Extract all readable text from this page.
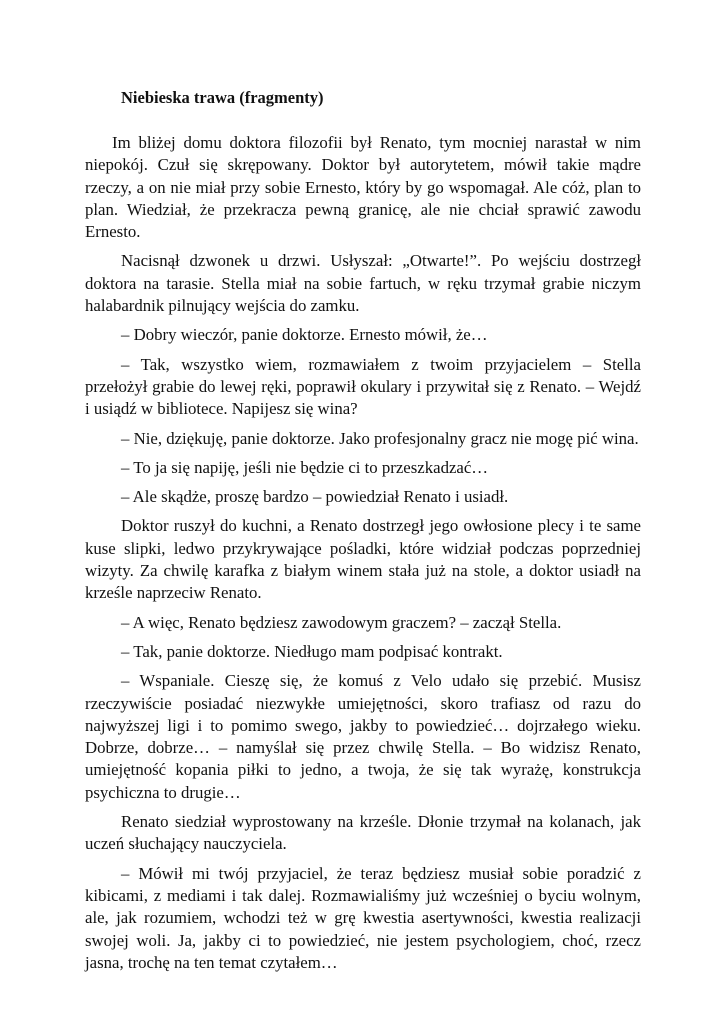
Niebieska trawa (fragmenty)

Im bliżej domu doktora filozofii był Renato, tym mocniej narastał w nim niepokój. Czuł się skrępowany. Doktor był autorytetem, mówił takie mądre rzeczy, a on nie miał przy sobie Ernesto, który by go wspomagał. Ale cóż, plan to plan. Wiedział, że przekracza pewną granicę, ale nie chciał sprawić zawodu Ernesto.

Nacisnął dzwonek u drzwi. Usłyszał: „Otwarte!”. Po wejściu dostrzegł doktora na tarasie. Stella miał na sobie fartuch, w ręku trzymał grabie niczym halabardnik pilnujący wejścia do zamku.

– Dobry wieczór, panie doktorze. Ernesto mówił, że…

– Tak, wszystko wiem, rozmawiałem z twoim przyjacielem – Stella przełożył grabie do lewej ręki, poprawił okulary i przywitał się z Renato. – Wejdź i usiądź w bibliotece. Napijesz się wina?

– Nie, dziękuję, panie doktorze. Jako profesjonalny gracz nie mogę pić wina.

– To ja się napiję, jeśli nie będzie ci to przeszkadzać…

– Ale skądże, proszę bardzo – powiedział Renato i usiadł.

Doktor ruszył do kuchni, a Renato dostrzegł jego owłosione plecy i te same kuse slipki, ledwo przykrywające pośladki, które widział podczas poprzedniej wizyty. Za chwilę karafka z białym winem stała już na stole, a doktor usiadł na krześle naprzeciw Renato.

– A więc, Renato będziesz zawodowym graczem? – zaczął Stella.

– Tak, panie doktorze. Niedługo mam podpisać kontrakt.

– Wspaniale. Cieszę się, że komuś z Velo udało się przebić. Musisz rzeczywiście posiadać niezwykłe umiejętności, skoro trafiasz od razu do najwyższej ligi i to pomimo swego, jakby to powiedzieć… dojrzałego wieku. Dobrze, dobrze… – namyślał się przez chwilę Stella. – Bo widzisz Renato, umiejętność kopania piłki to jedno, a twoja, że się tak wyrażę, konstrukcja psychiczna to drugie…

Renato siedział wyprostowany na krześle. Dłonie trzymał na kolanach, jak uczeń słuchający nauczyciela.

– Mówił mi twój przyjaciel, że teraz będziesz musiał sobie poradzić z kibicami, z mediami i tak dalej. Rozmawialiśmy już wcześniej o byciu wolnym, ale, jak rozumiem, wchodzi też w grę kwestia asertywności, kwestia realizacji swojej woli. Ja, jakby ci to powiedzieć, nie jestem psychologiem, choć, rzecz jasna, trochę na ten temat czytałem…
